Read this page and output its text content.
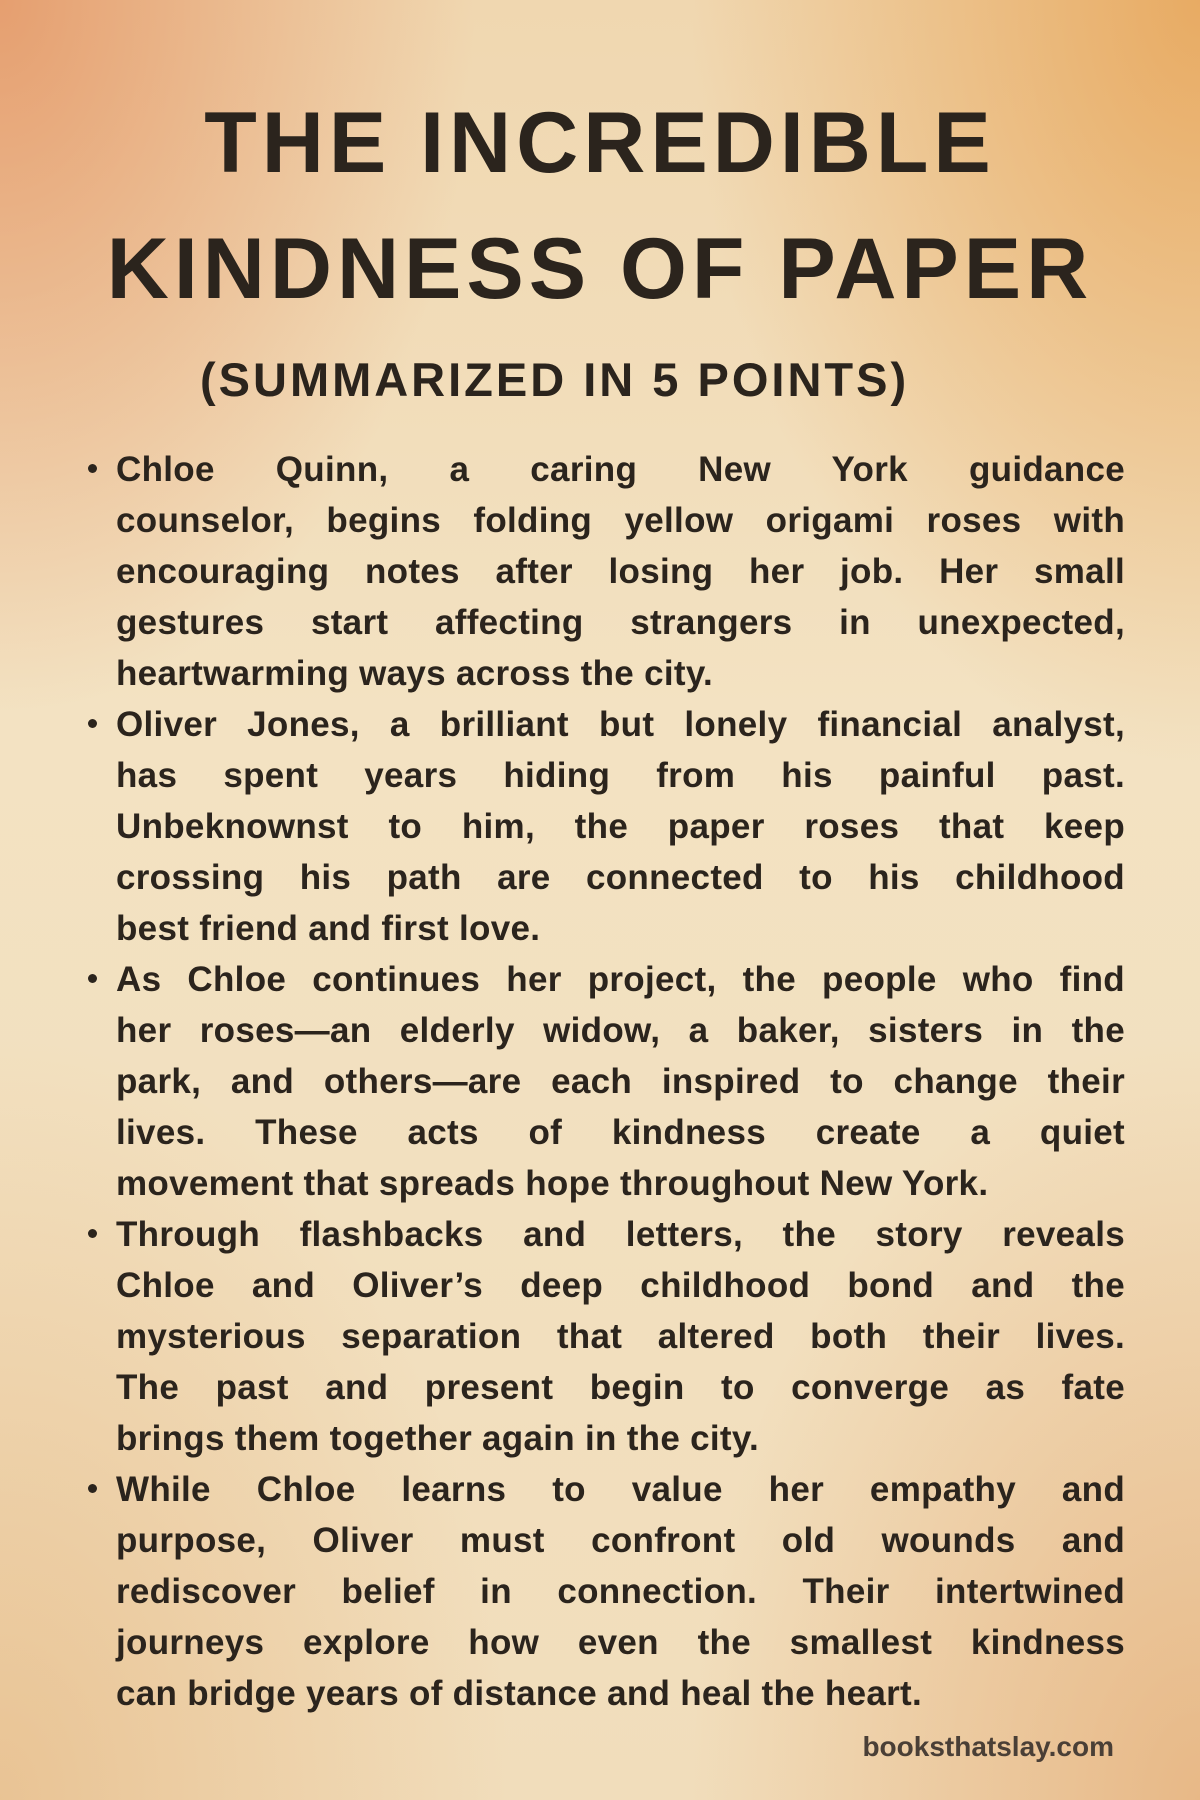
THE INCREDIBLE
KINDNESS OF PAPER
(SUMMARIZED IN 5 POINTS)
Chloe Quinn, a caring New York guidance
counselor, begins folding yellow origami roses with
encouraging notes after losing her job. Her small
gestures start affecting strangers in unexpected,
heartwarming ways across the city.
Oliver Jones, a brilliant but lonely financial analyst,
has spent years hiding from his painful past.
Unbeknownst to him, the paper roses that keep
crossing his path are connected to his childhood
best friend and first love.
As Chloe continues her project, the people who find
her roses—an elderly widow, a baker, sisters in the
park, and others—are each inspired to change their
lives. These acts of kindness create a quiet
movement that spreads hope throughout New York.
Through flashbacks and letters, the story reveals
Chloe and Oliver’s deep childhood bond and the
mysterious separation that altered both their lives.
The past and present begin to converge as fate
brings them together again in the city.
While Chloe learns to value her empathy and
purpose, Oliver must confront old wounds and
rediscover belief in connection. Their intertwined
journeys explore how even the smallest kindness
can bridge years of distance and heal the heart.
booksthatslay.com
